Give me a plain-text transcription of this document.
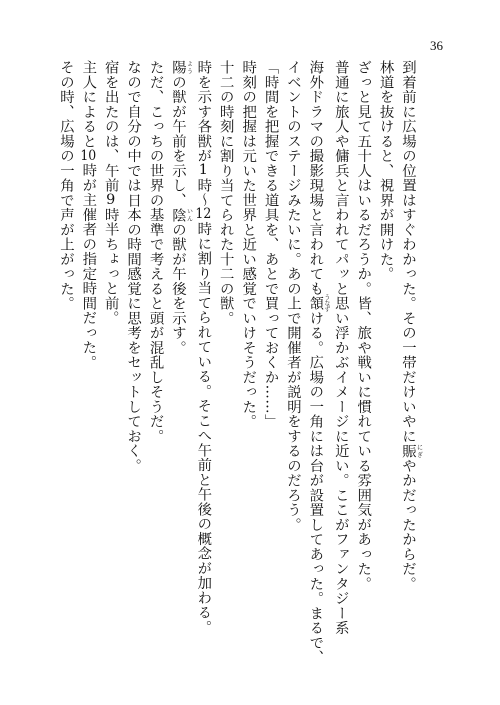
36
到着前に広場の位置はすぐわかった。その一帯だけいやに賑 にぎやかだったからだ。
林道を抜けると、視界が開けた。
ざっと見て五十人はいるだろうか。皆、旅や戦いに慣れている雰囲気があった。
普通に旅人や傭兵と言われてパッと思い浮かぶイメージに近い。ここがファンタジー系
海外ドラマの撮影現場と言われても頷 うなずける。広場の一角には台が設置してあった。まるで、
イベントのステージみたいに。あの上で開催者が説明をするのだろう。
「時間を把握できる道具を、あとで買っておくか……」
時刻の把握は元いた世界と近い感覚でいけそうだった。
十二の時刻に割り当てられた十二の獣。
時を示す各獣が1時～12時に割り当てられている。そこへ午前と午後の概念が加わる。
陽 ようの獣が午前を示し、陰 いんの獣が午後を示す。
ただ、こっちの世界の基準で考えると頭が混乱しそうだ。
なので自分の中では日本の時間感覚に思考をセットしておく。
宿を出たのは、午前9時半ちょっと前。
主人によると10時が主催者の指定時間だった。
その時、広場の一角で声が上がった。
